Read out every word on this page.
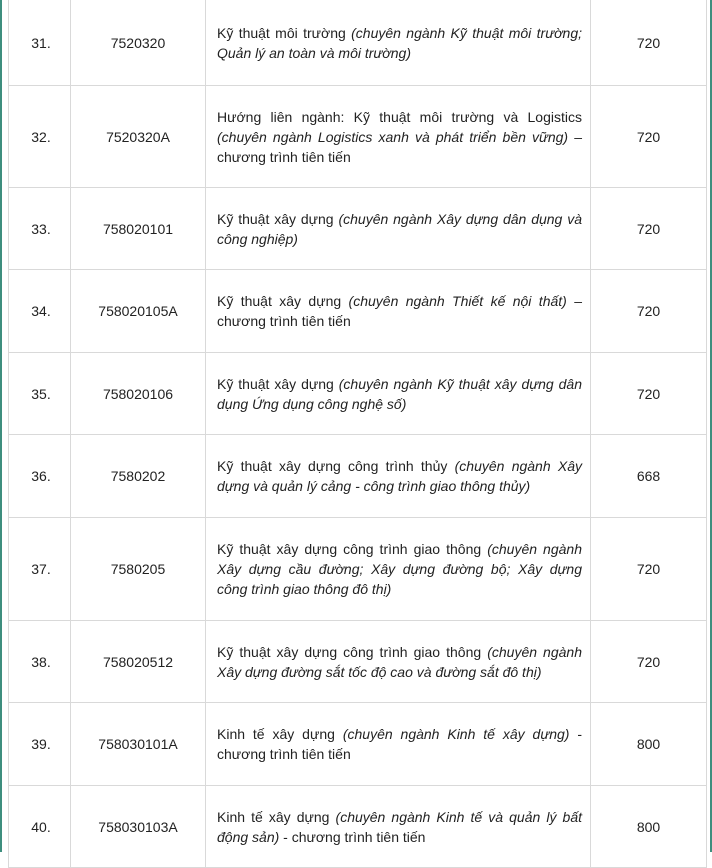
31.	7520320	Kỹ thuật môi trường (chuyên ngành Kỹ thuật môi trường; Quản lý an toàn và môi trường)	720
32.	7520320A	Hướng liên ngành: Kỹ thuật môi trường và Logistics (chuyên ngành Logistics xanh và phát triển bền vững) – chương trình tiên tiến	720
33.	758020101	Kỹ thuật xây dựng (chuyên ngành Xây dựng dân dụng và công nghiệp)	720
34.	758020105A	Kỹ thuật xây dựng (chuyên ngành Thiết kế nội thất) – chương trình tiên tiến	720
35.	758020106	Kỹ thuật xây dựng (chuyên ngành Kỹ thuật xây dựng dân dụng Ứng dụng công nghệ số)	720
36.	7580202	Kỹ thuật xây dựng công trình thủy (chuyên ngành Xây dựng và quản lý cảng - công trình giao thông thủy)	668
37.	7580205	Kỹ thuật xây dựng công trình giao thông (chuyên ngành Xây dựng cầu đường; Xây dựng đường bộ; Xây dựng công trình giao thông đô thị)	720
38.	758020512	Kỹ thuật xây dựng công trình giao thông (chuyên ngành Xây dựng đường sắt tốc độ cao và đường sắt đô thị)	720
39.	758030101A	Kinh tế xây dựng (chuyên ngành Kinh tế xây dựng) - chương trình tiên tiến	800
40.	758030103A	Kinh tế xây dựng (chuyên ngành Kinh tế và quản lý bất động sản) - chương trình tiên tiến	800
